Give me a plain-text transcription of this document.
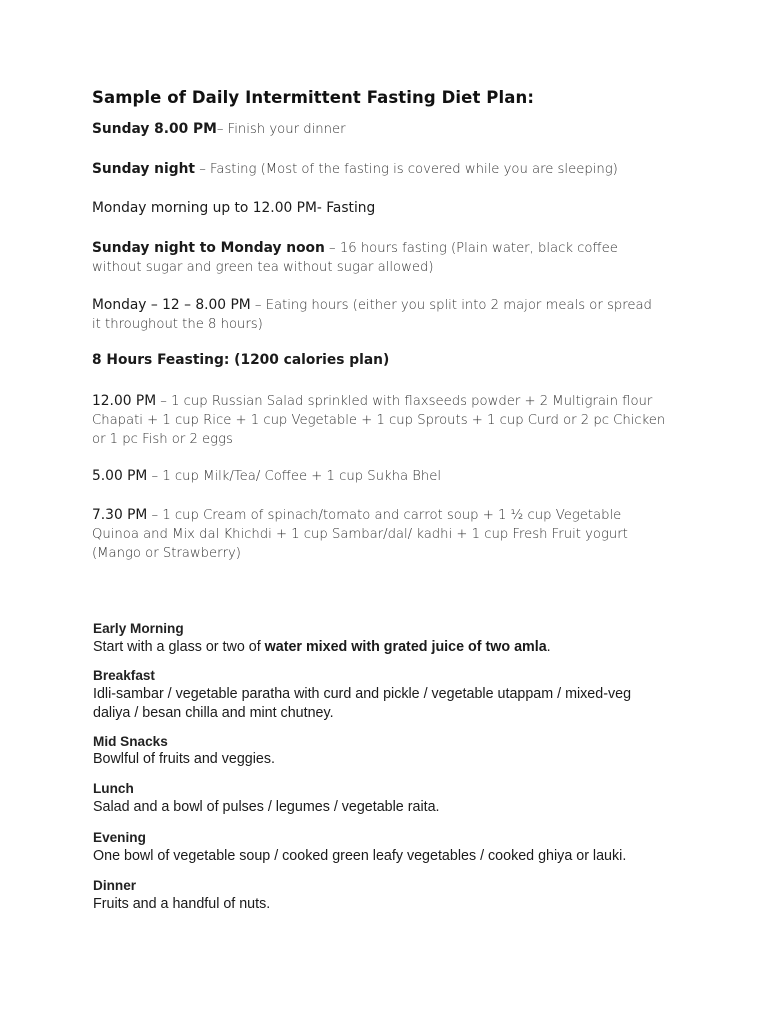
Sample of Daily Intermittent Fasting Diet Plan:
Sunday 8.00 PM– Finish your dinner
Sunday night – Fasting (Most of the fasting is covered while you are sleeping)
Monday morning up to 12.00 PM- Fasting
Sunday night to Monday noon – 16 hours fasting (Plain water, black coffee without sugar and green tea without sugar allowed)
Monday – 12 – 8.00 PM – Eating hours (either you split into 2 major meals or spread it throughout the 8 hours)
8 Hours Feasting: (1200 calories plan)
12.00 PM – 1 cup Russian Salad sprinkled with flaxseeds powder + 2 Multigrain flour Chapati + 1 cup Rice + 1 cup Vegetable + 1 cup Sprouts + 1 cup Curd or 2 pc Chicken or 1 pc Fish or 2 eggs
5.00 PM – 1 cup Milk/Tea/ Coffee + 1 cup Sukha Bhel
7.30 PM – 1 cup Cream of spinach/tomato and carrot soup + 1 ½ cup Vegetable Quinoa and Mix dal Khichdi + 1 cup Sambar/dal/ kadhi + 1 cup Fresh Fruit yogurt (Mango or Strawberry)
Early Morning
Start with a glass or two of water mixed with grated juice of two amla.
Breakfast
Idli-sambar / vegetable paratha with curd and pickle / vegetable utappam / mixed-veg daliya / besan chilla and mint chutney.
Mid Snacks
Bowlful of fruits and veggies.
Lunch
Salad and a bowl of pulses / legumes / vegetable raita.
Evening
One bowl of vegetable soup / cooked green leafy vegetables / cooked ghiya or lauki.
Dinner
Fruits and a handful of nuts.
